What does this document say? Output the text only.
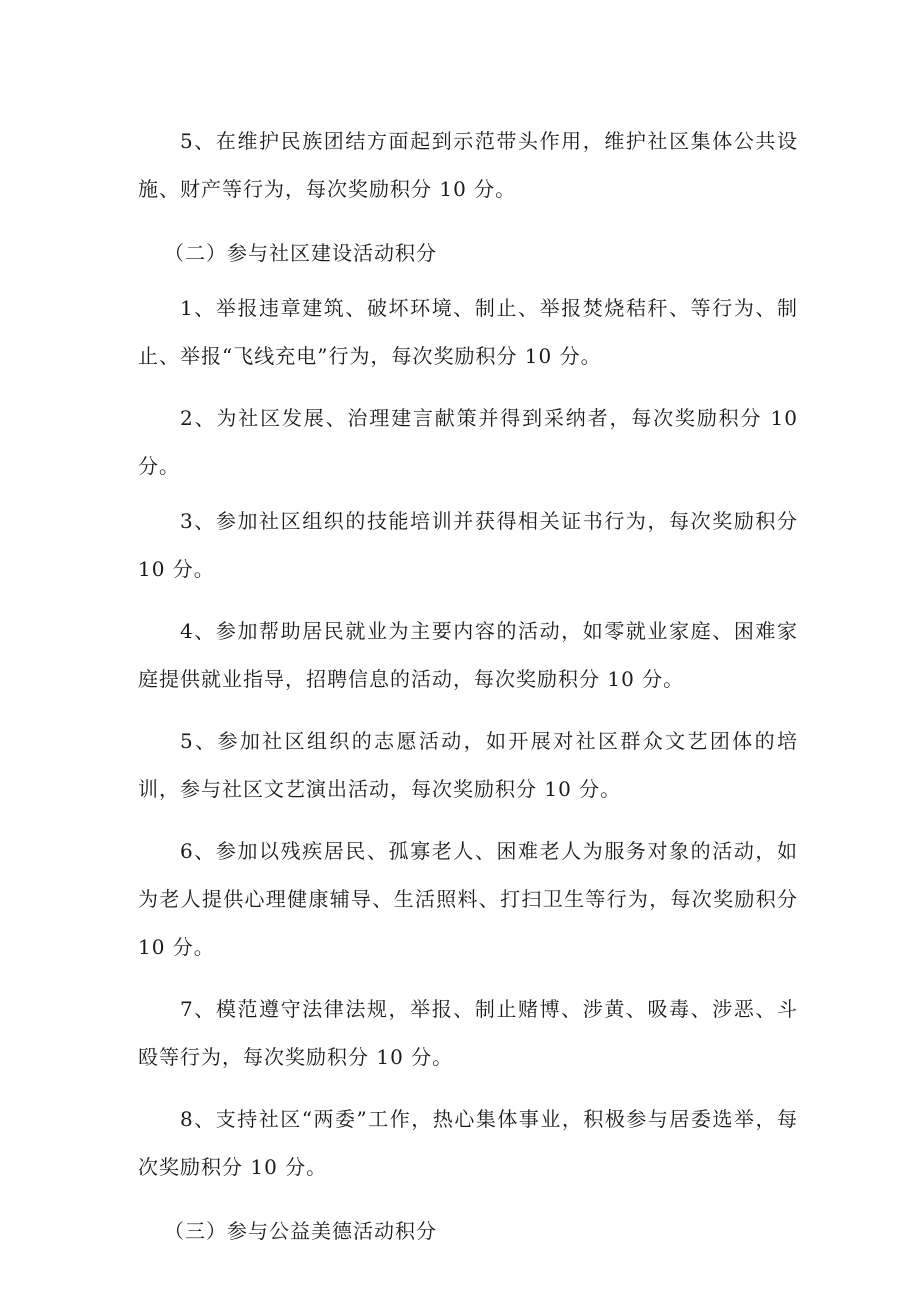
5、在维护民族团结方面起到示范带头作用，维护社区集体公共设施、财产等行为，每次奖励积分 10 分。

（二）参与社区建设活动积分

1、举报违章建筑、破坏环境、制止、举报焚烧秸秆、等行为、制止、举报“飞线充电”行为，每次奖励积分 10 分。

2、为社区发展、治理建言献策并得到采纳者，每次奖励积分 10 分。

3、参加社区组织的技能培训并获得相关证书行为，每次奖励积分 10 分。

4、参加帮助居民就业为主要内容的活动，如零就业家庭、困难家庭提供就业指导，招聘信息的活动，每次奖励积分 10 分。

5、参加社区组织的志愿活动，如开展对社区群众文艺团体的培训，参与社区文艺演出活动，每次奖励积分 10 分。

6、参加以残疾居民、孤寡老人、困难老人为服务对象的活动，如为老人提供心理健康辅导、生活照料、打扫卫生等行为，每次奖励积分 10 分。

7、模范遵守法律法规，举报、制止赌博、涉黄、吸毒、涉恶、斗殴等行为，每次奖励积分 10 分。

8、支持社区“两委”工作，热心集体事业，积极参与居委选举，每次奖励积分 10 分。

（三）参与公益美德活动积分
